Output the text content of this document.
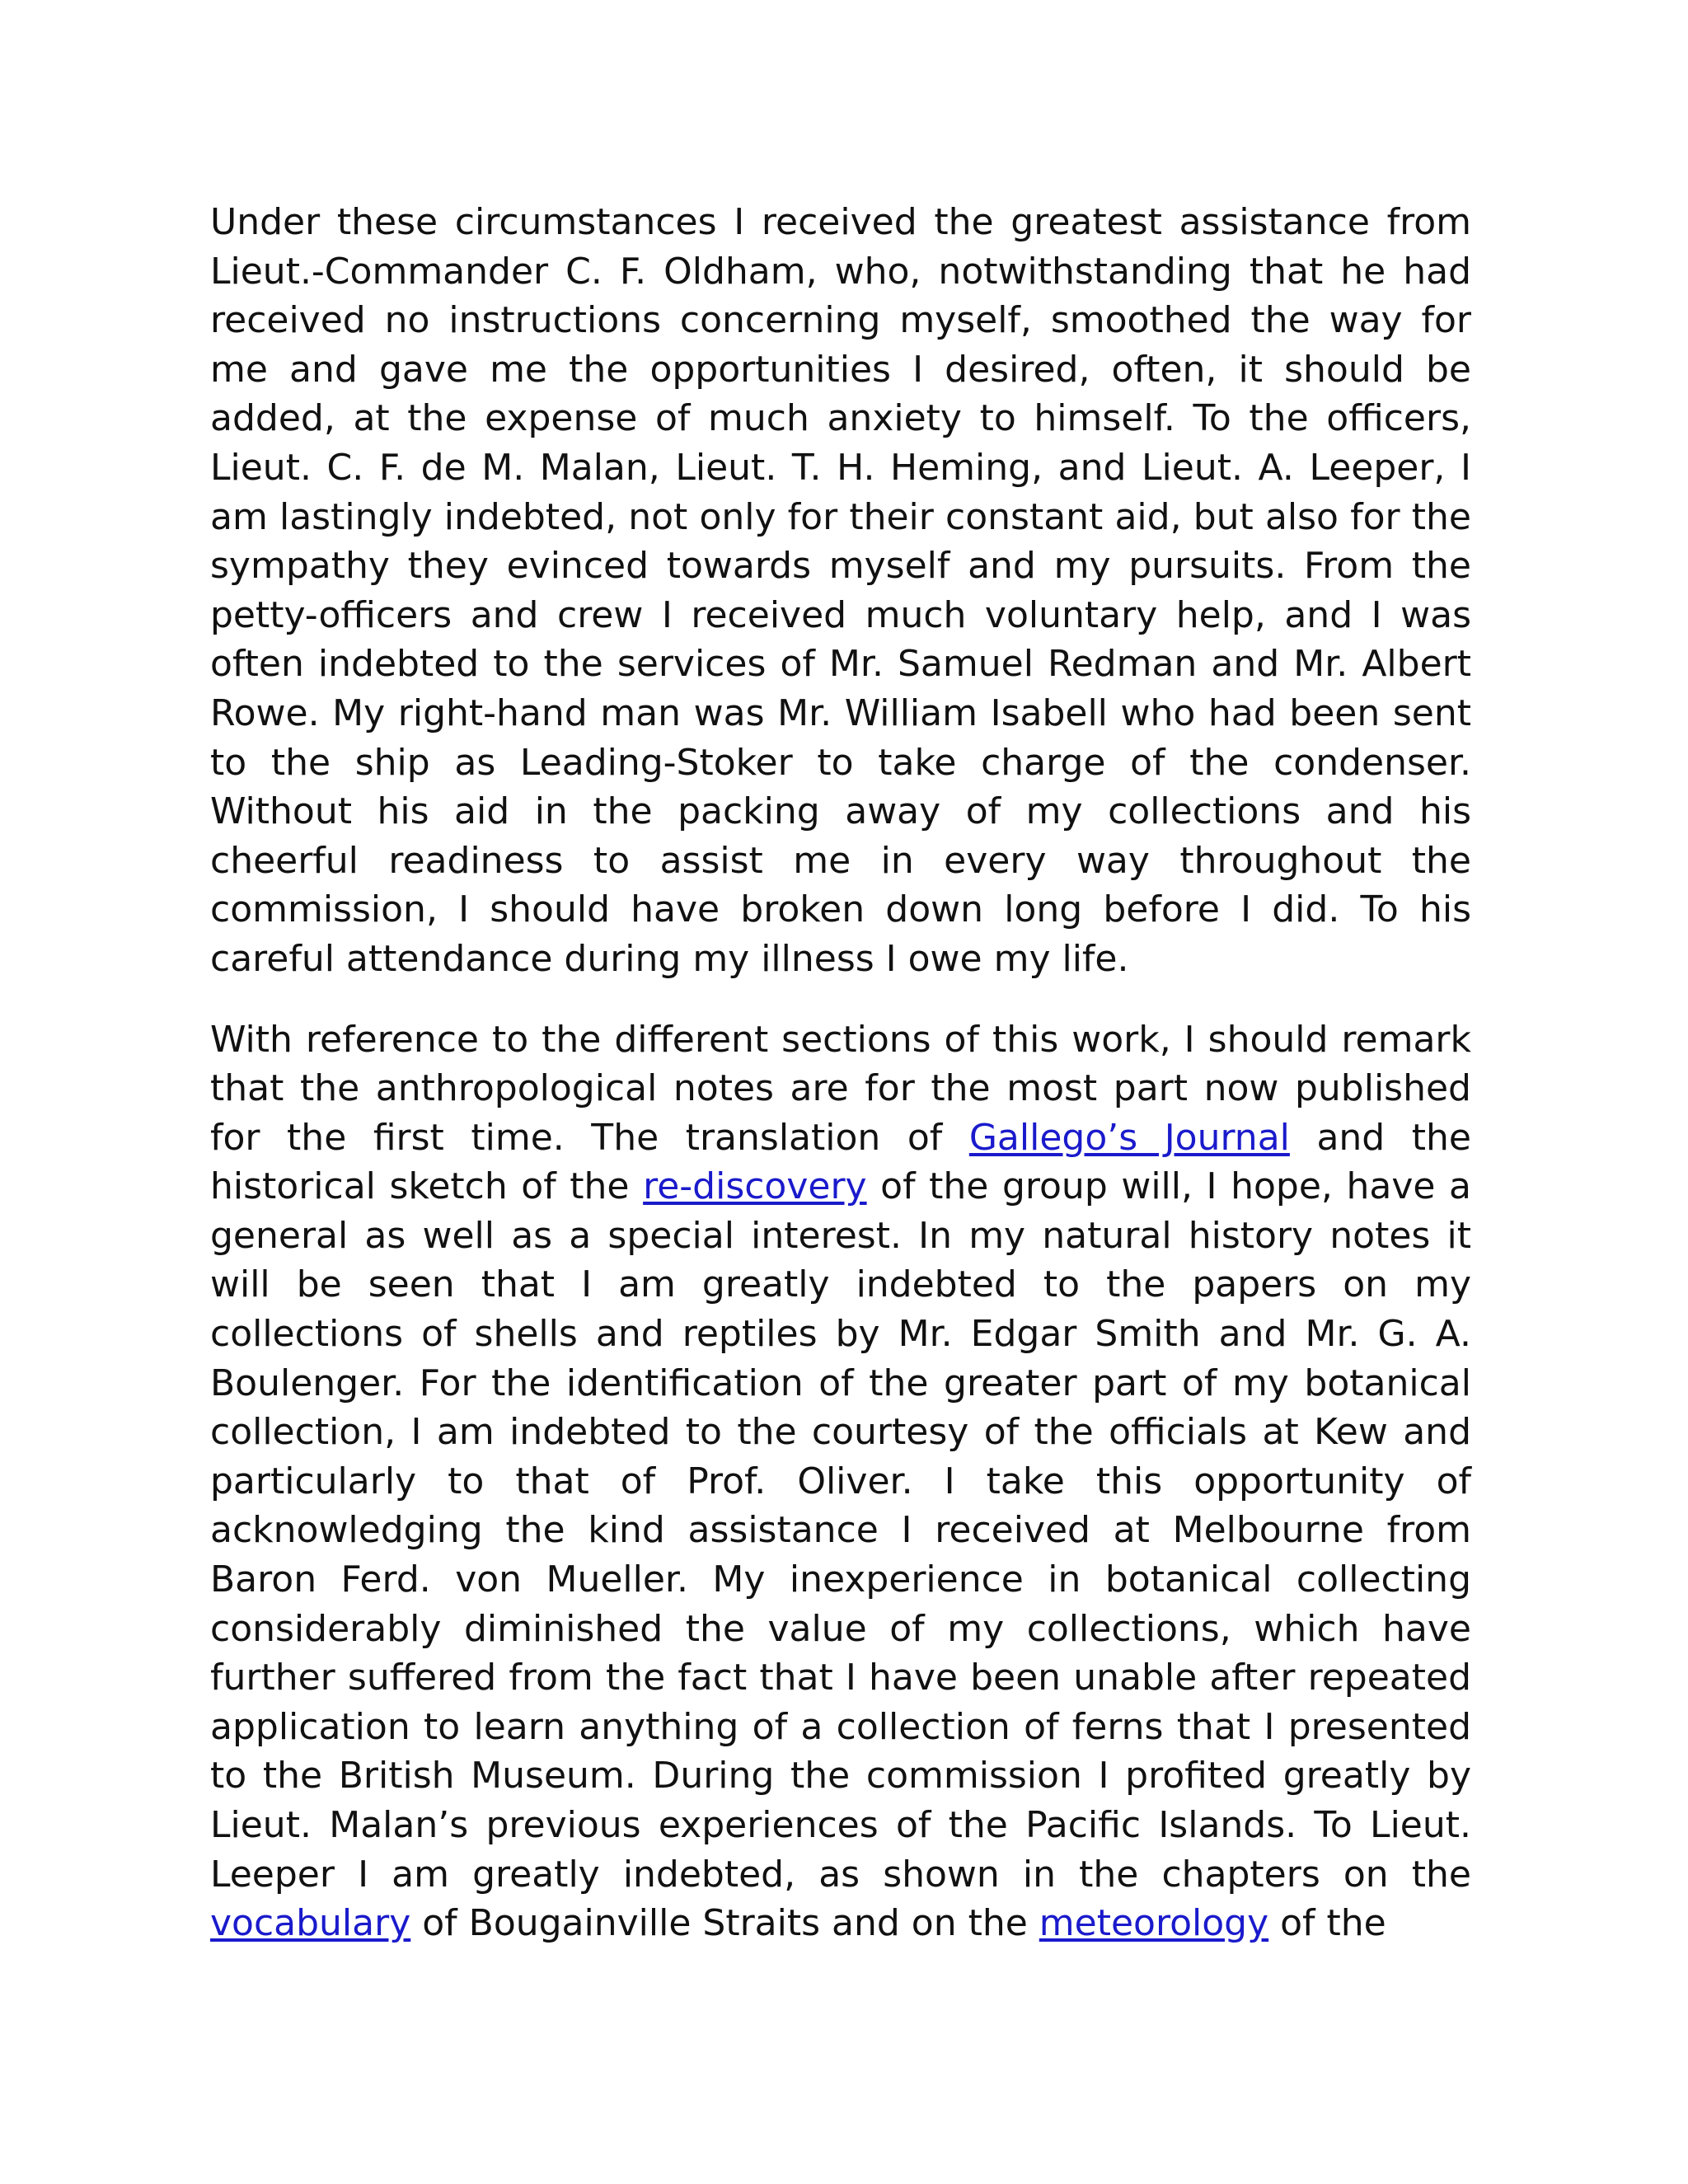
Under these circumstances I received the greatest assistance from Lieut.-Commander C. F. Oldham, who, notwithstanding that he had received no instructions concerning myself, smoothed the way for me and gave me the opportunities I desired, often, it should be added, at the expense of much anxiety to himself. To the officers, Lieut. C. F. de M. Malan, Lieut. T. H. Heming, and Lieut. A. Leeper, I am lastingly indebted, not only for their constant aid, but also for the sympathy they evinced towards myself and my pursuits. From the petty-officers and crew I received much voluntary help, and I was often indebted to the services of Mr. Samuel Redman and Mr. Albert Rowe. My right-hand man was Mr. William Isabell who had been sent to the ship as Leading-Stoker to take charge of the condenser. Without his aid in the packing away of my collections and his cheerful readiness to assist me in every way throughout the commission, I should have broken down long before I did. To his careful attendance during my illness I owe my life.

With reference to the different sections of this work, I should remark that the anthropological notes are for the most part now published for the first time. The translation of Gallego’s Journal and the historical sketch of the re-discovery of the group will, I hope, have a general as well as a special interest. In my natural history notes it will be seen that I am greatly indebted to the papers on my collections of shells and reptiles by Mr. Edgar Smith and Mr. G. A. Boulenger. For the identification of the greater part of my botanical collection, I am indebted to the courtesy of the officials at Kew and particularly to that of Prof. Oliver. I take this opportunity of acknowledging the kind assistance I received at Melbourne from Baron Ferd. von Mueller. My inexperience in botanical collecting considerably diminished the value of my collections, which have further suffered from the fact that I have been unable after repeated application to learn anything of a collection of ferns that I presented to the British Museum. During the commission I profited greatly by Lieut. Malan’s previous experiences of the Pacific Islands. To Lieut. Leeper I am greatly indebted, as shown in the chapters on the vocabulary of Bougainville Straits and on the meteorology of the
